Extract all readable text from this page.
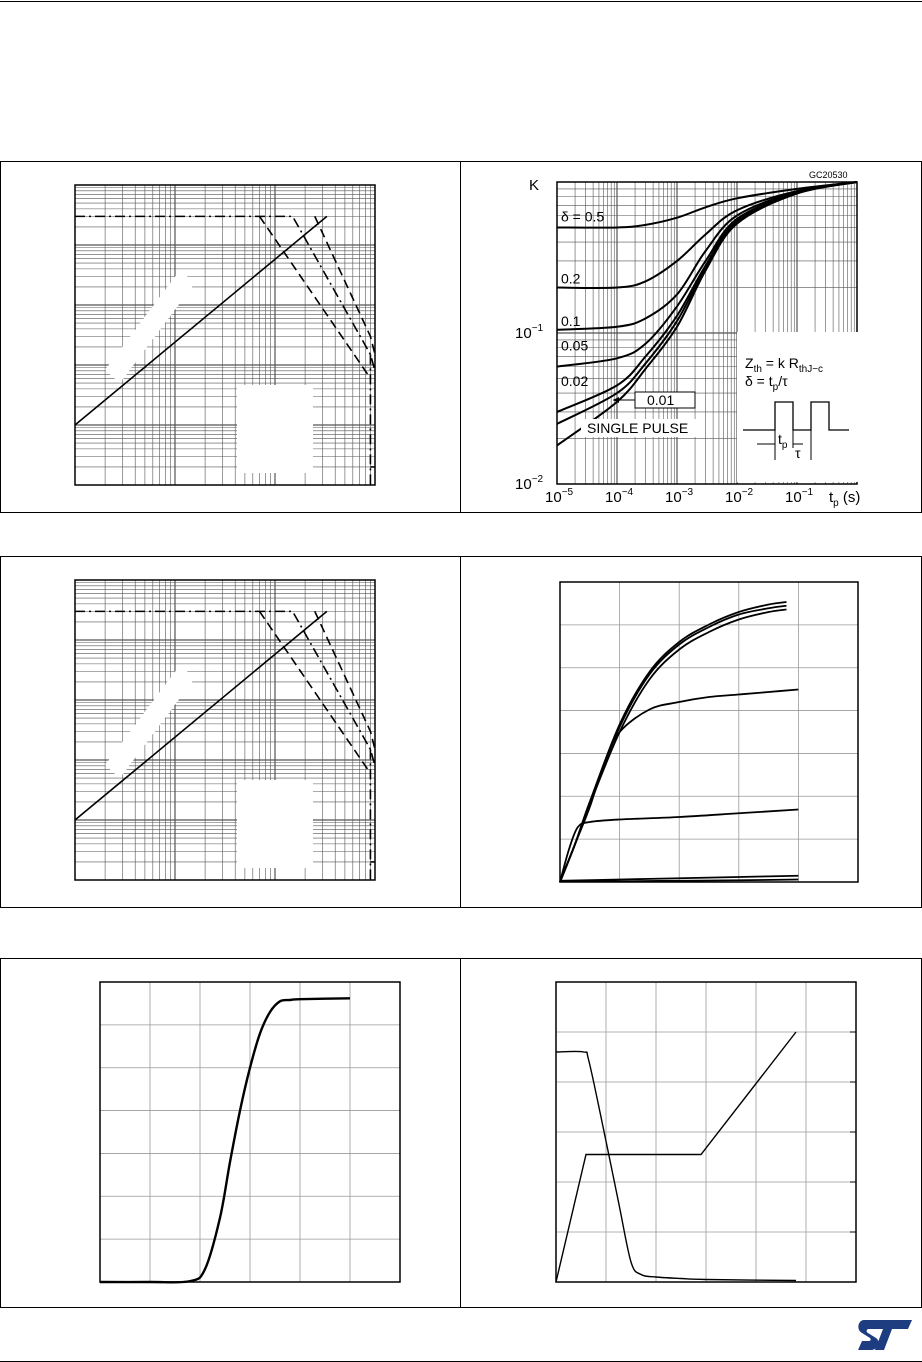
δ = 0.5
0.2
0.1
0.05
0.02
0.01
SINGLE PULSE
$Z_{th} = k$ $R_{thJ-c}$
$\delta = t_p/\tau$
$t_p$ τ
GC20530
K
$10^{-2}$
$10^{-1}$
$10^{-5}$ $10^{-4}$ $10^{-3}$ $10^{-2}$ $10^{-1}$ $t_p$ (s)
